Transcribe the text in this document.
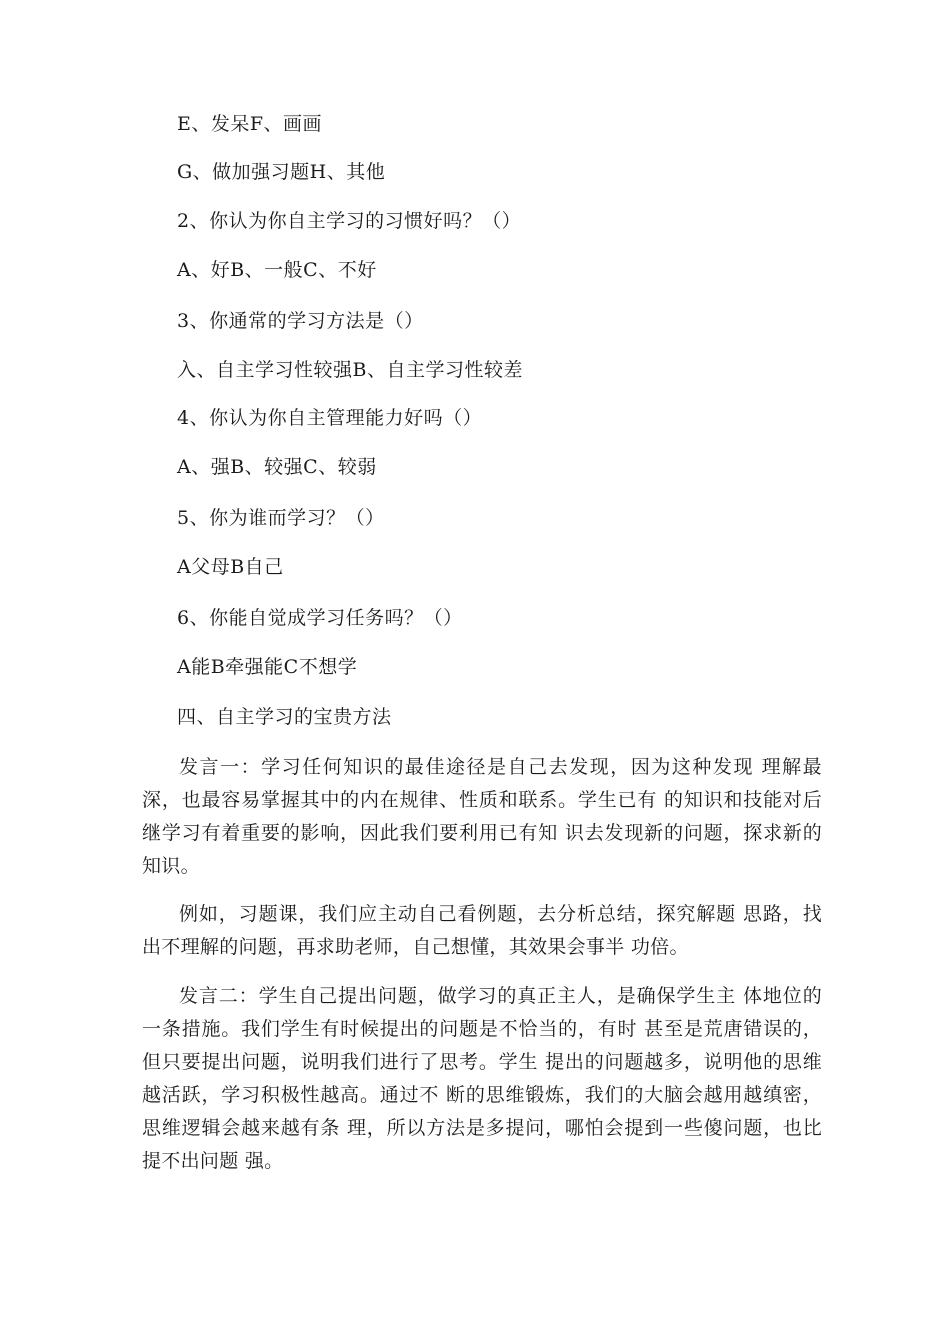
E、发呆F、画画
G、做加强习题H、其他
2、你认为你自主学习的习惯好吗？（）
A、好B、一般C、不好
3、你通常的学习方法是（）
入、自主学习性较强B、自主学习性较差
4、你认为你自主管理能力好吗（）
A、强B、较强C、较弱
5、你为谁而学习？（）
A父母B自己
6、你能自觉成学习任务吗？（）
A能B牵强能C不想学
四、自主学习的宝贵方法

发言一：学习任何知识的最佳途径是自己去发现，因为这种发现 理解最深，也最容易掌握其中的内在规律、性质和联系。学生已有 的知识和技能对后继学习有着重要的影响，因此我们要利用已有知 识去发现新的问题，探求新的知识。

例如，习题课，我们应主动自己看例题，去分析总结，探究解题 思路，找出不理解的问题，再求助老师，自己想懂，其效果会事半 功倍。

发言二：学生自己提出问题，做学习的真正主人，是确保学生主 体地位的一条措施。我们学生有时候提出的问题是不恰当的，有时 甚至是荒唐错误的，但只要提出问题，说明我们进行了思考。学生 提出的问题越多，说明他的思维越活跃，学习积极性越高。通过不 断的思维锻炼，我们的大脑会越用越缜密，思维逻辑会越来越有条 理，所以方法是多提问，哪怕会提到一些傻问题，也比提不出问题 强。
